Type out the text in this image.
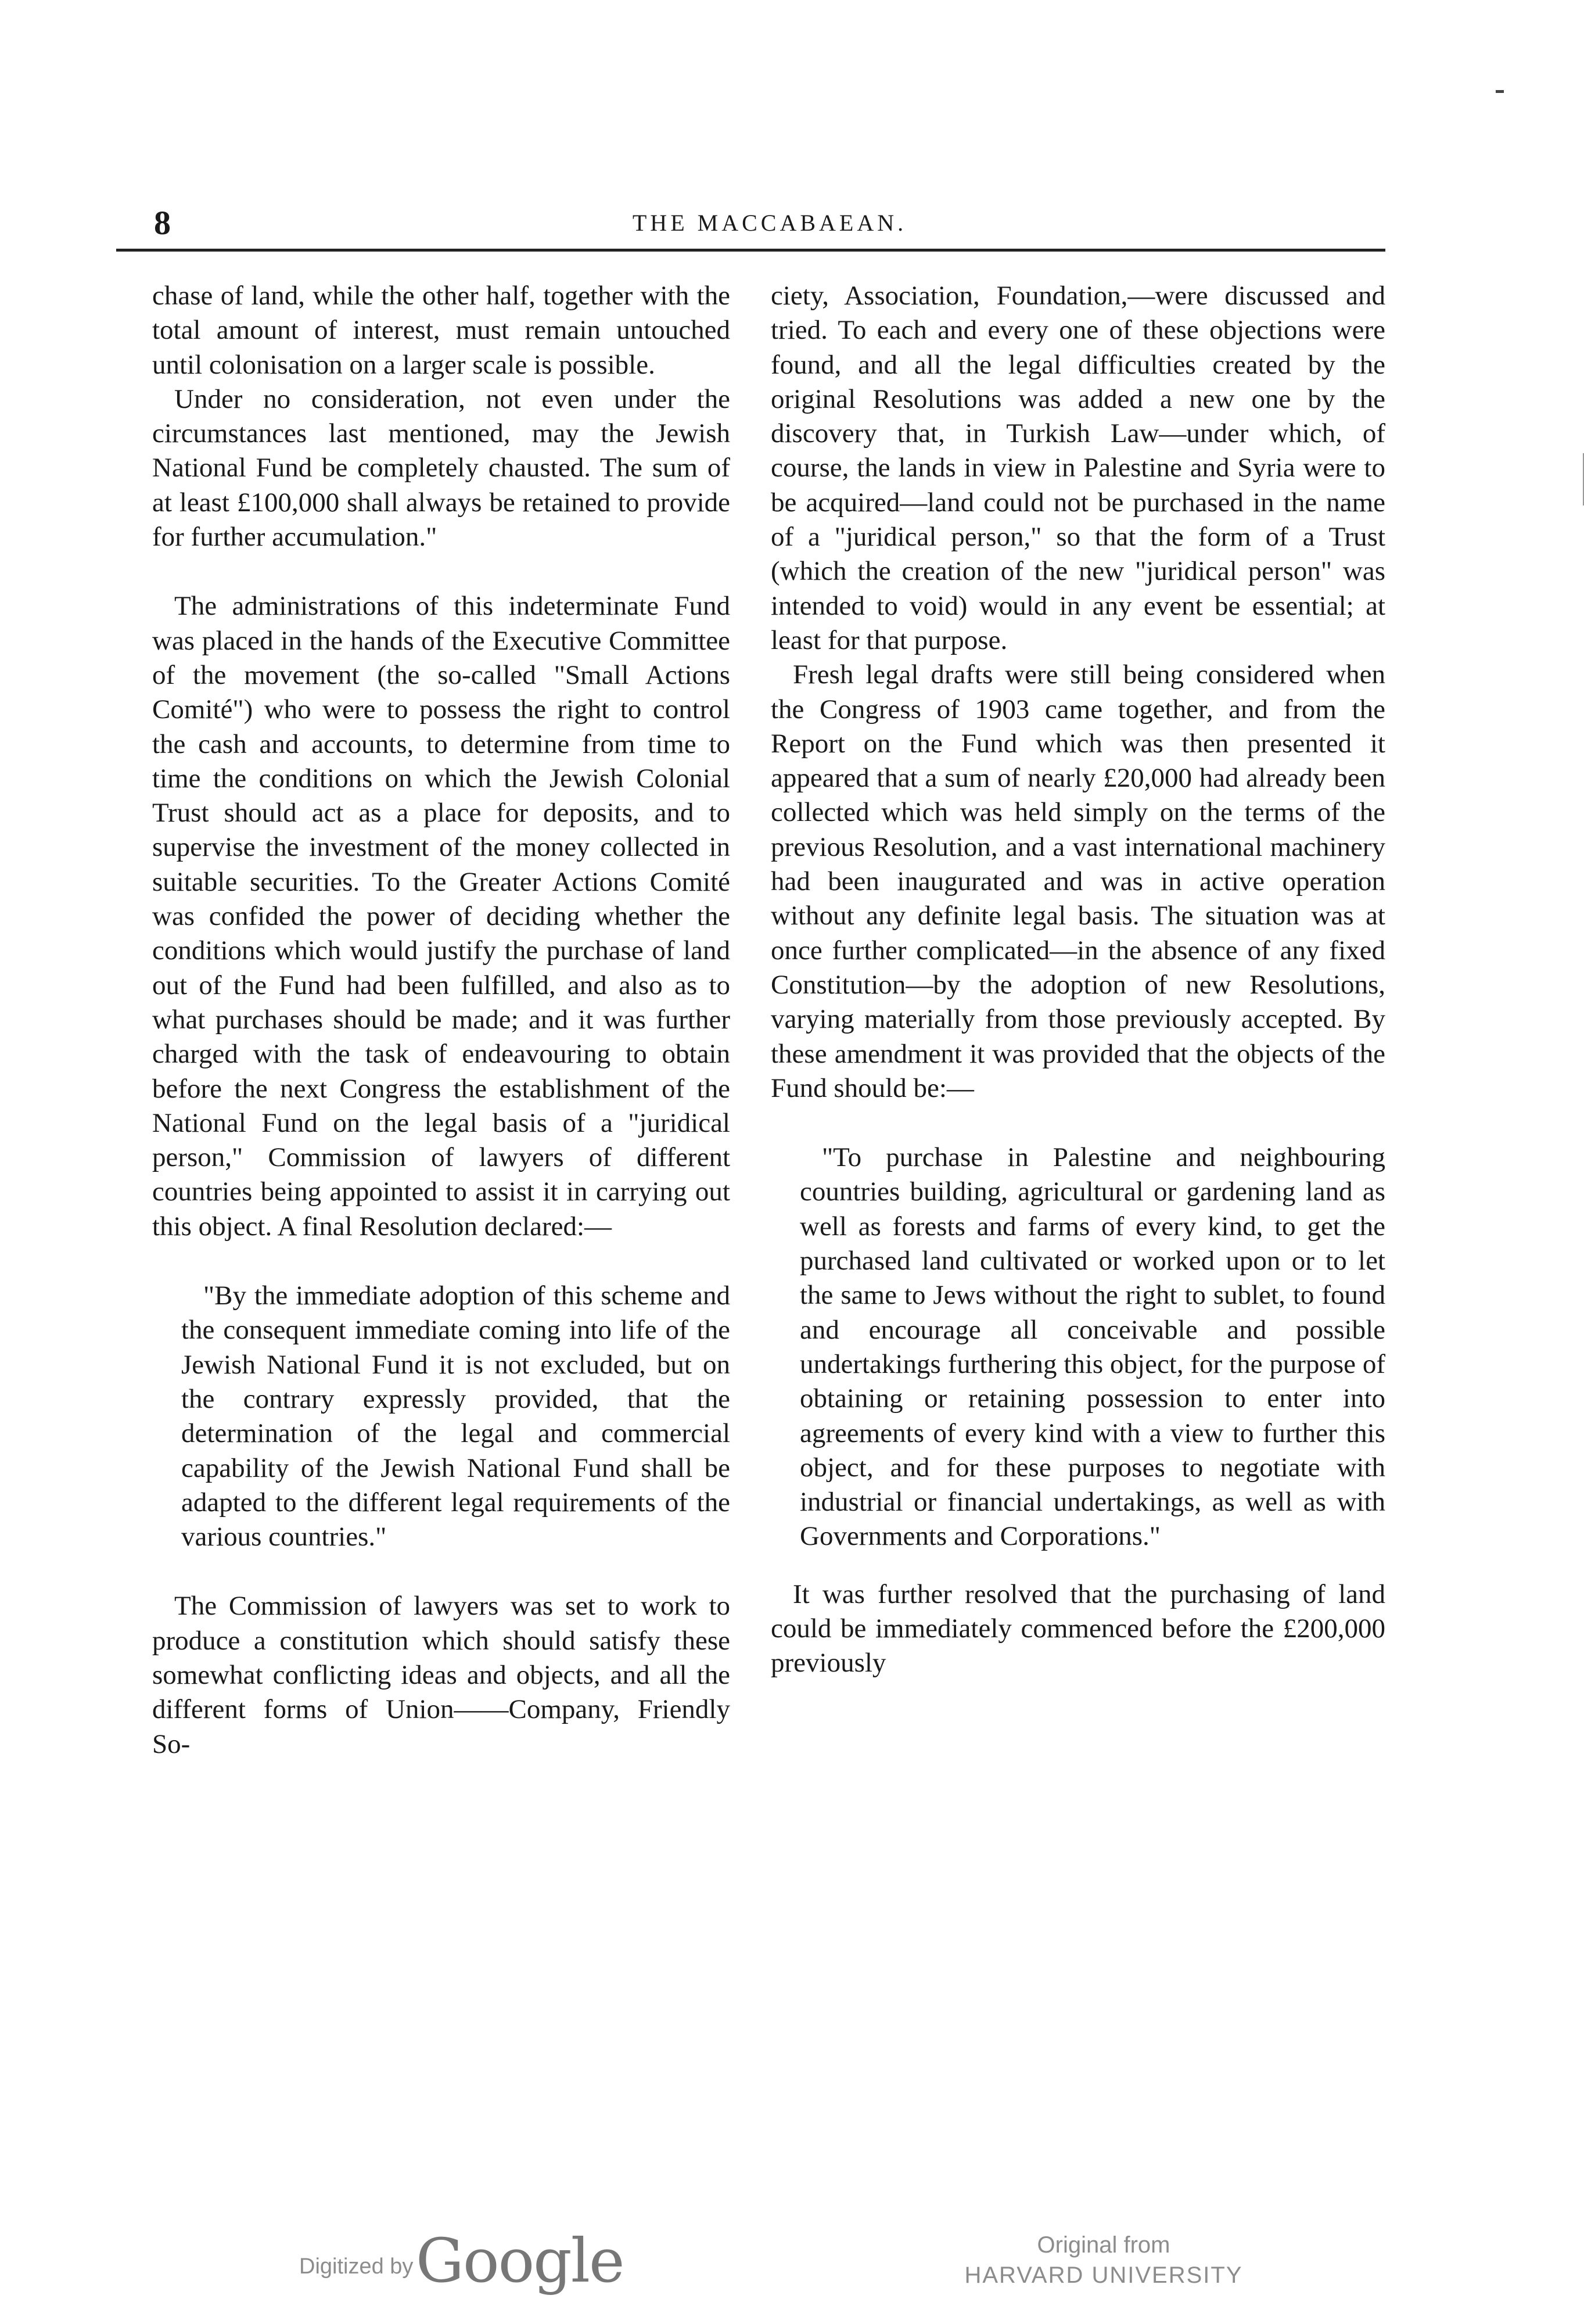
8	THE MACCABAEAN.

chase of land, while the other half, together with the total amount of interest, must remain untouched until colonisation on a larger scale is possible.

Under no consideration, not even under the circumstances last mentioned, may the Jewish National Fund be completely chausted. The sum of at least £100,000 shall always be retained to provide for further accumulation."

The administrations of this indeterminate Fund was placed in the hands of the Executive Committee of the movement (the so-called "Small Actions Comité") who were to possess the right to control the cash and accounts, to determine from time to time the conditions on which the Jewish Colonial Trust should act as a place for deposits, and to supervise the investment of the money collected in suitable securities. To the Greater Actions Comité was confided the power of deciding whether the conditions which would justify the purchase of land out of the Fund had been fulfilled, and also as to what purchases should be made; and it was further charged with the task of endeavouring to obtain before the next Congress the establishment of the National Fund on the legal basis of a "juridical person," Commission of lawyers of different countries being appointed to assist it in carrying out this object. A final Resolution declared:—

"By the immediate adoption of this scheme and the consequent immediate coming into life of the Jewish National Fund it is not excluded, but on the contrary expressly provided, that the determination of the legal and commercial capability of the Jewish National Fund shall be adapted to the different legal requirements of the various countries."

The Commission of lawyers was set to work to produce a constitution which should satisfy these somewhat conflicting ideas and objects, and all the different forms of Union——Company, Friendly So-

ciety, Association, Foundation,—were discussed and tried. To each and every one of these objections were found, and all the legal difficulties created by the original Resolutions was added a new one by the discovery that, in Turkish Law—under which, of course, the lands in view in Palestine and Syria were to be acquired—land could not be purchased in the name of a "juridical person," so that the form of a Trust (which the creation of the new "juridical person" was intended to void) would in any event be essential; at least for that purpose.

Fresh legal drafts were still being considered when the Congress of 1903 came together, and from the Report on the Fund which was then presented it appeared that a sum of nearly £20,000 had already been collected which was held simply on the terms of the previous Resolution, and a vast international machinery had been inaugurated and was in active operation without any definite legal basis. The situation was at once further complicated—in the absence of any fixed Constitution—by the adoption of new Resolutions, varying materially from those previously accepted. By these amendment it was provided that the objects of the Fund should be:—

"To purchase in Palestine and neighbouring countries building, agricultural or gardening land as well as forests and farms of every kind, to get the purchased land cultivated or worked upon or to let the same to Jews without the right to sublet, to found and encourage all conceivable and possible undertakings furthering this object, for the purpose of obtaining or retaining possession to enter into agreements of every kind with a view to further this object, and for these purposes to negotiate with industrial or financial undertakings, as well as with Governments and Corporations."

It was further resolved that the purchasing of land could be immediately commenced before the £200,000 previously

Digitized by Google	Original from
HARVARD UNIVERSITY
